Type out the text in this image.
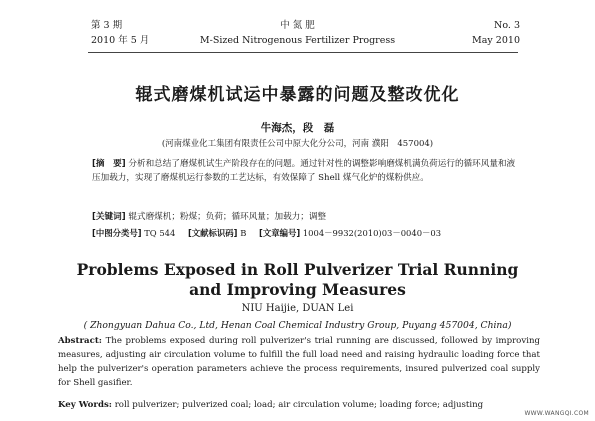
第 3 期
2010 年 5 月
中 氮 肥
M-Sized Nitrogenous Fertilizer Progress
No. 3
May 2010
辊式磨煤机试运中暴露的问题及整改优化
牛海杰，段　磊
(河南煤业化工集团有限责任公司中原大化分公司，河南 濮阳　457004)
[摘　要] 分析和总结了磨煤机试生产阶段存在的问题。通过针对性的调整影响磨煤机满负荷运行的循环风量和液压加载力，实现了磨煤机运行参数的工艺达标，有效保障了 Shell 煤气化炉的煤粉供应。
[关键词] 辊式磨煤机；粉煤；负荷；循环风量；加载力；调整
[中图分类号] TQ 544 [文献标识码] B [文章编号] 1004－9932(2010)03－0040－03
Problems Exposed in Roll Pulverizer Trial Running
and Improving Measures
NIU Haijie, DUAN Lei
( Zhongyuan Dahua Co., Ltd, Henan Coal Chemical Industry Group, Puyang 457004, China)
Abstract: The problems exposed during roll pulverizer's trial running are discussed, followed by improving measures, adjusting air circulation volume to fulfill the full load need and raising hydraulic loading force that help the pulverizer's operation parameters achieve the process requirements, insured pulverized coal supply for Shell gasifier.
Key Words: roll pulverizer; pulverized coal; load; air circulation volume; loading force; adjusting
WWW.WANGQI.COM
